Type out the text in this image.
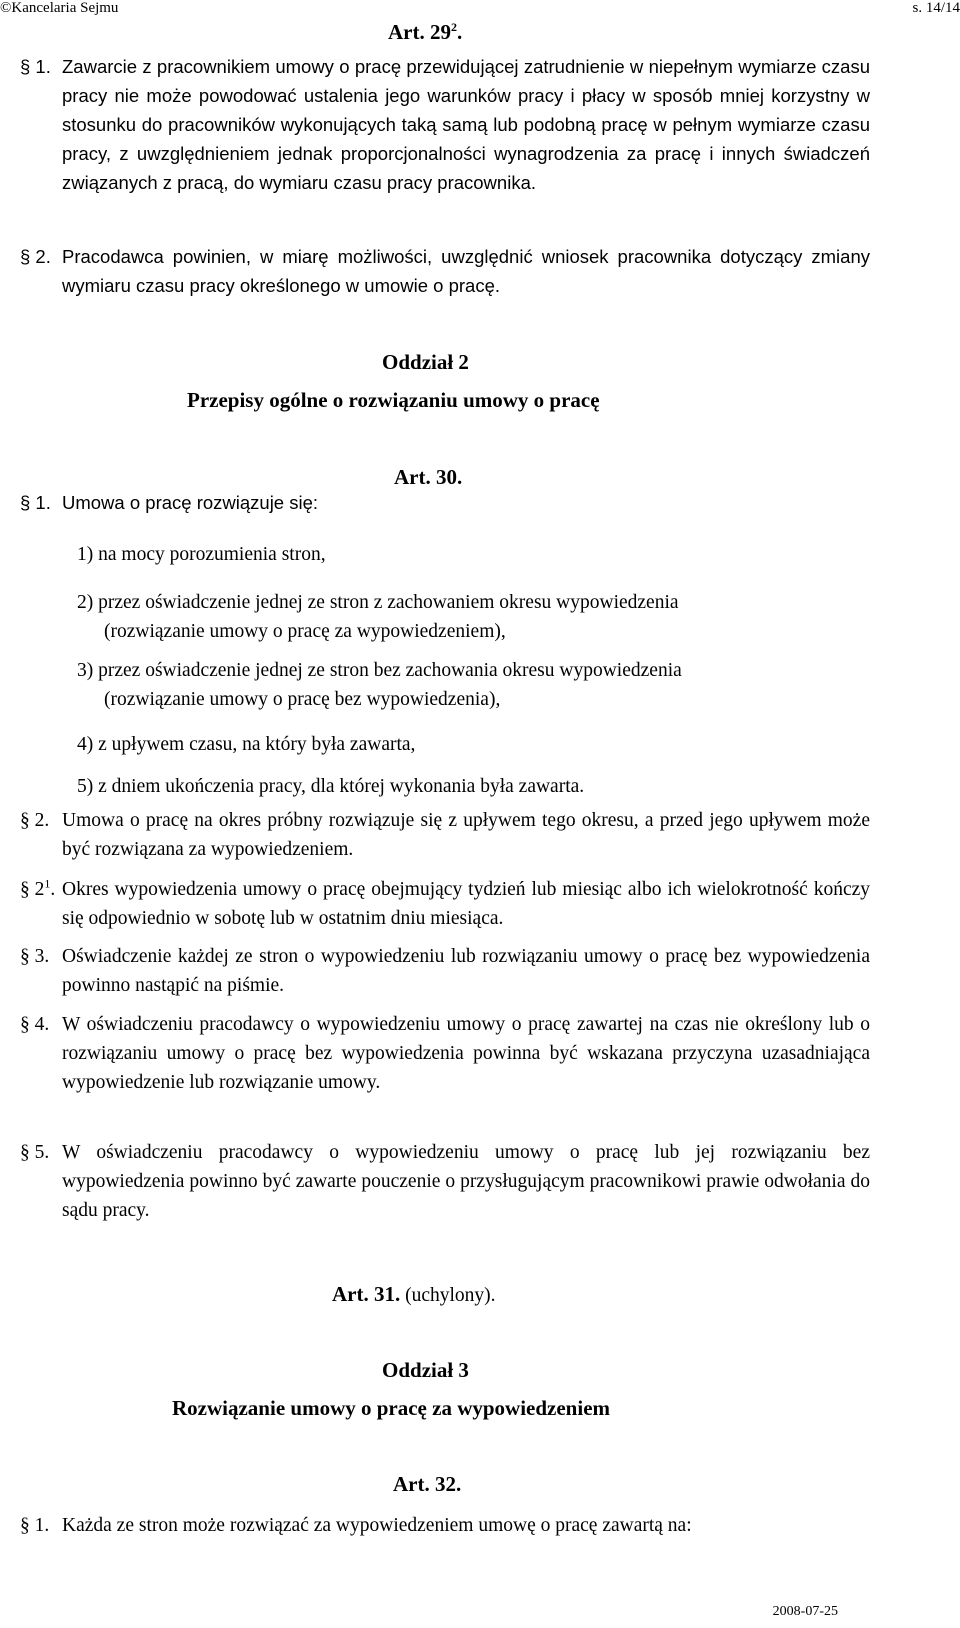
©Kancelaria Sejmu	s. 14/14
Art. $29^2$.
§ 1. Zawarcie z pracownikiem umowy o pracę przewidującej zatrudnienie w niepełnym wymiarze czasu pracy nie może powodować ustalenia jego warunków pracy i płacy w sposób mniej korzystny w stosunku do pracowników wykonujących taką samą lub podobną pracę w pełnym wymiarze czasu pracy, z uwzględnieniem jednak proporcjonalności wynagrodzenia za pracę i innych świadczeń związanych z pracą, do wymiaru czasu pracy pracownika.
§ 2. Pracodawca powinien, w miarę możliwości, uwzględnić wniosek pracownika dotyczący zmiany wymiaru czasu pracy określonego w umowie o pracę.
Oddział 2
Przepisy ogólne o rozwiązaniu umowy o pracę
Art. 30.
§ 1. Umowa o pracę rozwiązuje się:
1) na mocy porozumienia stron,
2) przez oświadczenie jednej ze stron z zachowaniem okresu wypowiedzenia
(rozwiązanie umowy o pracę za wypowiedzeniem),
3) przez oświadczenie jednej ze stron bez zachowania okresu wypowiedzenia
(rozwiązanie umowy o pracę bez wypowiedzenia),
4) z upływem czasu, na który była zawarta,
5) z dniem ukończenia pracy, dla której wykonania była zawarta.
§ 2. Umowa o pracę na okres próbny rozwiązuje się z upływem tego okresu, a przed jego upływem może być rozwiązana za wypowiedzeniem.
§ $2^1$. Okres wypowiedzenia umowy o pracę obejmujący tydzień lub miesiąc albo ich wielokrotność kończy się odpowiednio w sobotę lub w ostatnim dniu miesiąca.
§ 3. Oświadczenie każdej ze stron o wypowiedzeniu lub rozwiązaniu umowy o pracę bez wypowiedzenia powinno nastąpić na piśmie.
§ 4. W oświadczeniu pracodawcy o wypowiedzeniu umowy o pracę zawartej na czas nie określony lub o rozwiązaniu umowy o pracę bez wypowiedzenia powinna być wskazana przyczyna uzasadniająca wypowiedzenie lub rozwiązanie umowy.
§ 5. W oświadczeniu pracodawcy o wypowiedzeniu umowy o pracę lub jej rozwiązaniu bez wypowiedzenia powinno być zawarte pouczenie o przysługującym pracownikowi prawie odwołania do sądu pracy.
Art. 31. (uchylony).
Oddział 3
Rozwiązanie umowy o pracę za wypowiedzeniem
Art. 32.
§ 1. Każda ze stron może rozwiązać za wypowiedzeniem umowę o pracę zawartą na:
2008-07-25
